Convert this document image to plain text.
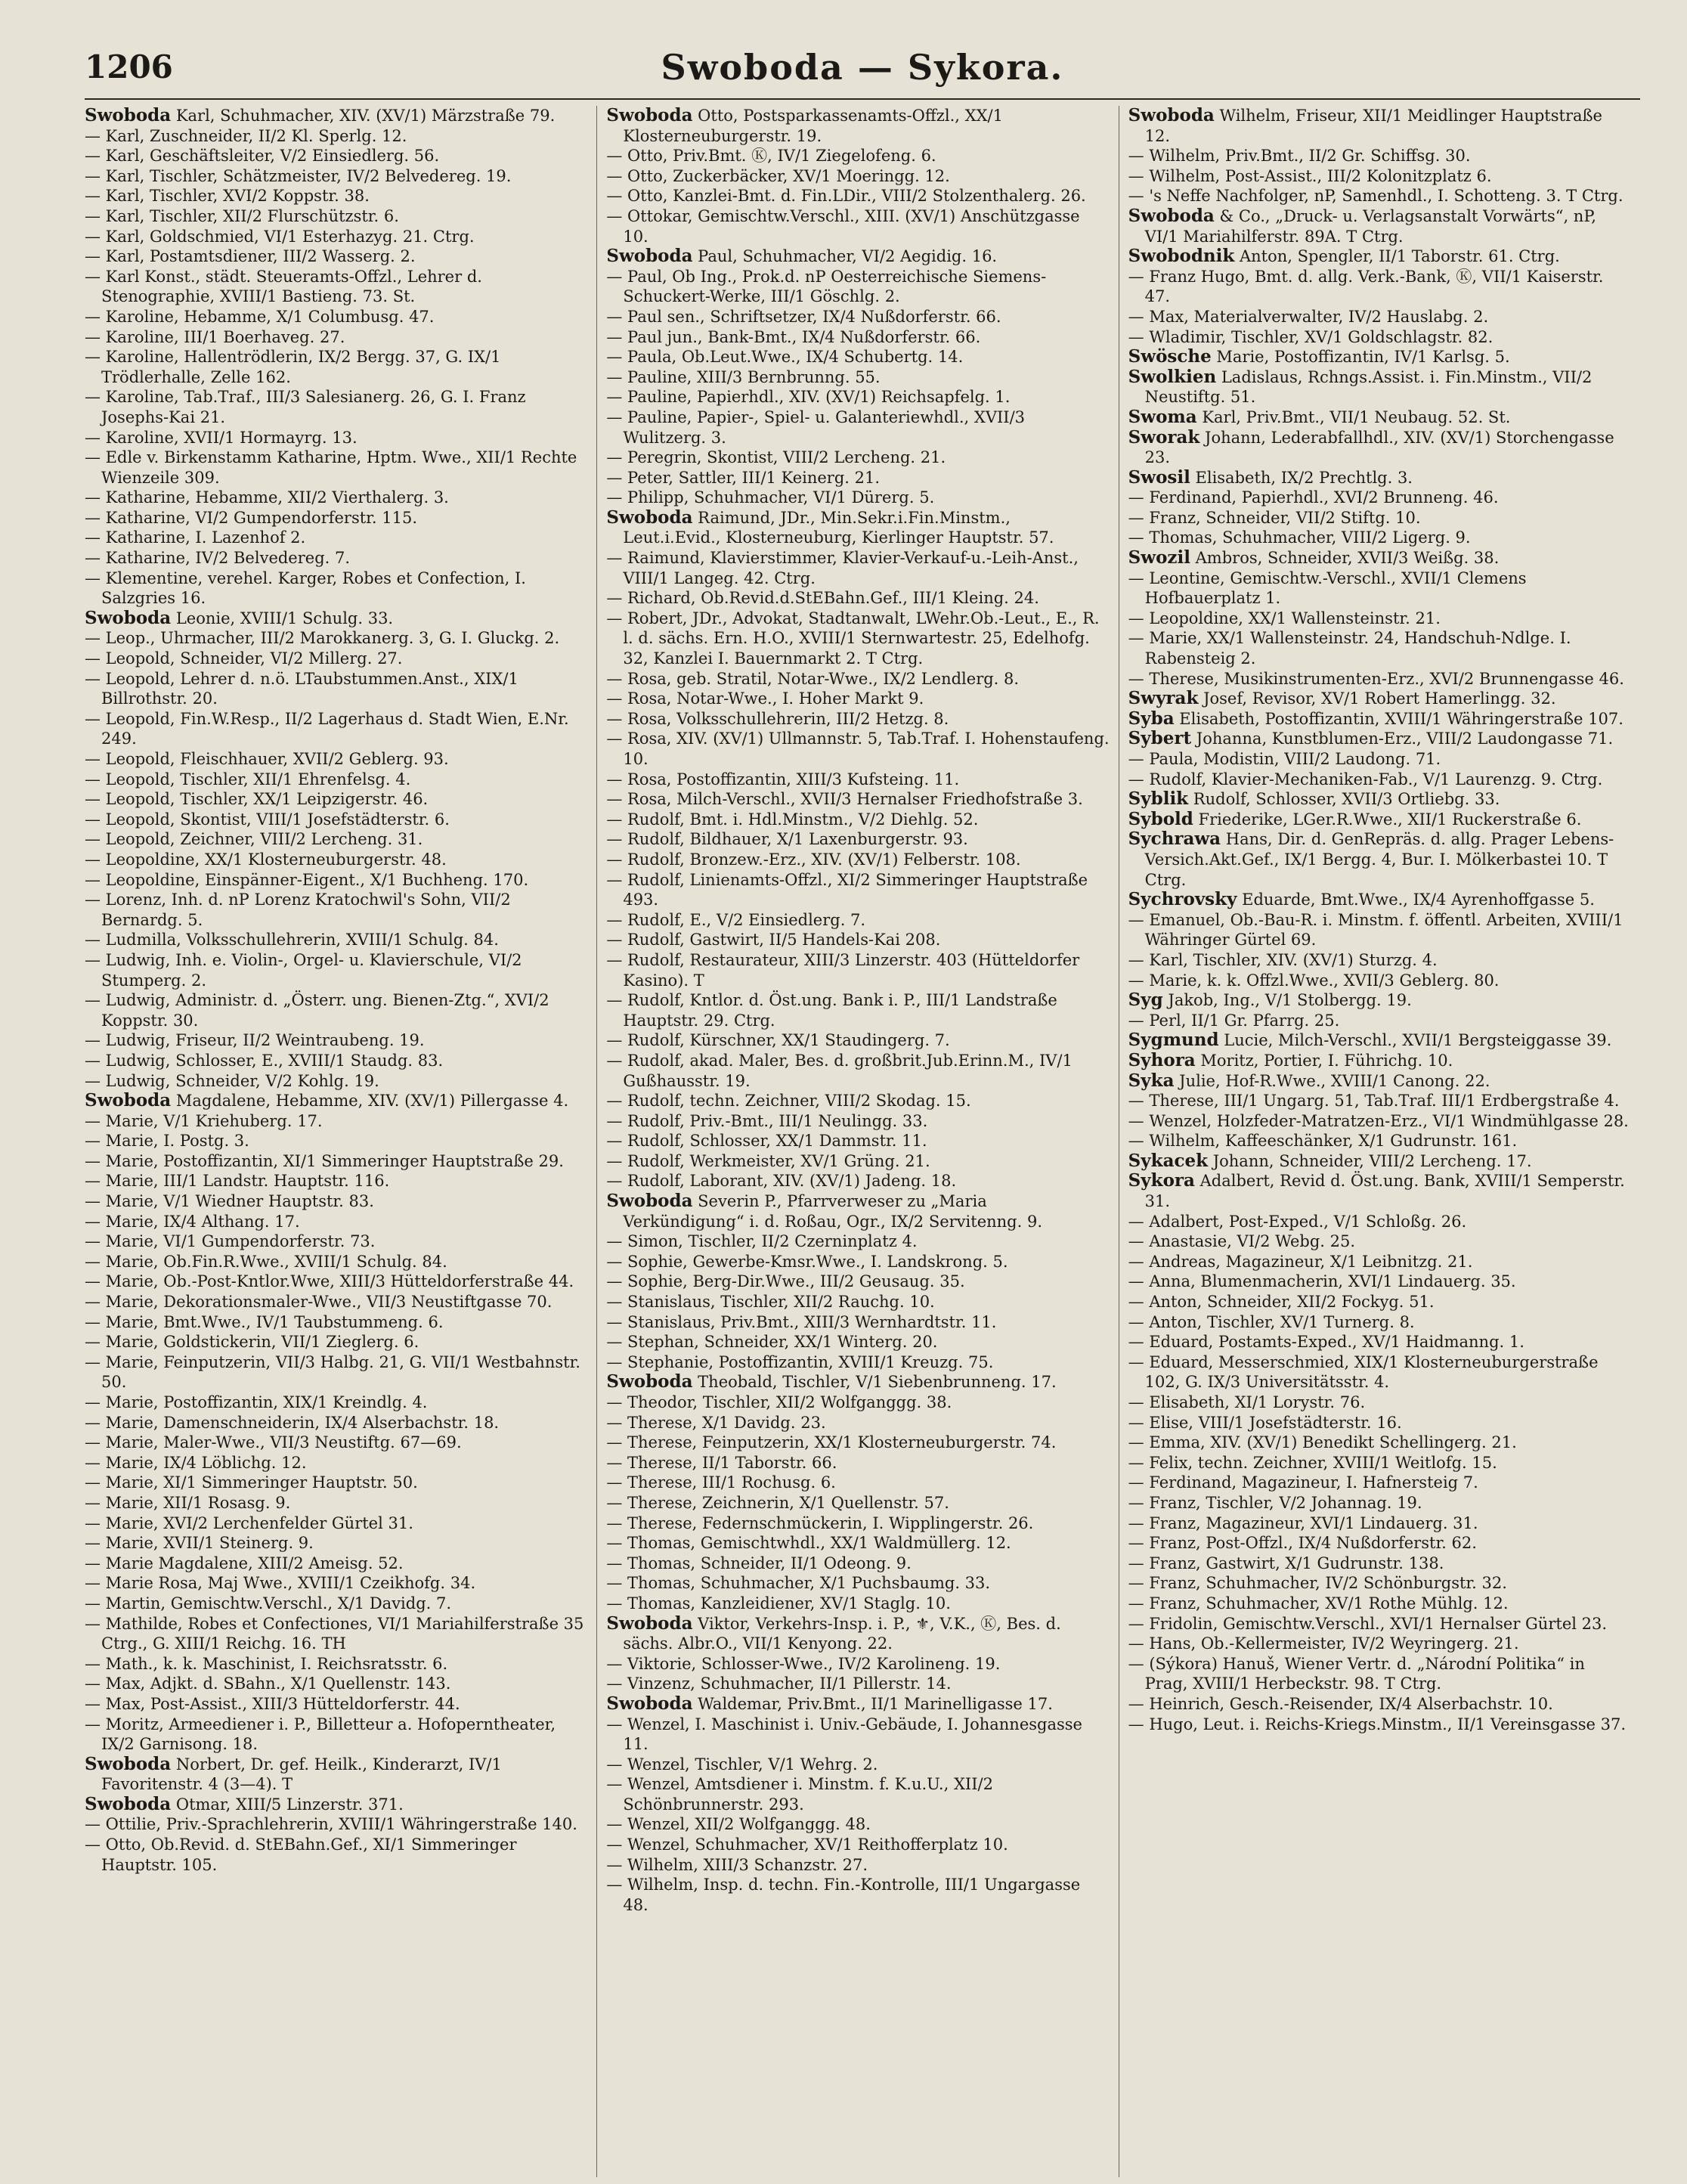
1206	Swoboda — Sykora.

Swoboda Karl, Schuhmacher, XIV. (XV/1) Märzstraße 79.

— Karl, Zuschneider, II/2 Kl. Sperlg. 12.

— Karl, Geschäftsleiter, V/2 Einsiedlerg. 56.

— Karl, Tischler, Schätzmeister, IV/2 Belvedereg. 19.

— Karl, Tischler, XVI/2 Koppstr. 38.

— Karl, Tischler, XII/2 Flurschützstr. 6.

— Karl, Goldschmied, VI/1 Esterhazyg. 21. Ctrg.

— Karl, Postamtsdiener, III/2 Wasserg. 2.

— Karl Konst., städt. Steueramts-Offzl., Lehrer d. Stenographie, XVIII/1 Bastieng. 73. St.

— Karoline, Hebamme, X/1 Columbusg. 47.

— Karoline, III/1 Boerhaveg. 27.

— Karoline, Hallentrödlerin, IX/2 Bergg. 37, G. IX/1 Trödlerhalle, Zelle 162.

— Karoline, Tab.Traf., III/3 Salesianerg. 26, G. I. Franz Josephs-Kai 21.

— Karoline, XVII/1 Hormayrg. 13.

— Edle v. Birkenstamm Katharine, Hptm. Wwe., XII/1 Rechte Wienzeile 309.

— Katharine, Hebamme, XII/2 Vierthalerg. 3.

— Katharine, VI/2 Gumpendorferstr. 115.

— Katharine, I. Lazenhof 2.

— Katharine, IV/2 Belvedereg. 7.

— Klementine, verehel. Karger, Robes et Confection, I. Salzgries 16.

Swoboda Leonie, XVIII/1 Schulg. 33.

— Leop., Uhrmacher, III/2 Marokkanerg. 3, G. I. Gluckg. 2.

— Leopold, Schneider, VI/2 Millerg. 27.

— Leopold, Lehrer d. n.ö. LTaubstummen.Anst., XIX/1 Billrothstr. 20.

— Leopold, Fin.W.Resp., II/2 Lagerhaus d. Stadt Wien, E.Nr. 249.

— Leopold, Fleischhauer, XVII/2 Geblerg. 93.

— Leopold, Tischler, XII/1 Ehrenfelsg. 4.

— Leopold, Tischler, XX/1 Leipzigerstr. 46.

— Leopold, Skontist, VIII/1 Josefstädterstr. 6.

— Leopold, Zeichner, VIII/2 Lercheng. 31.

— Leopoldine, XX/1 Klosterneuburgerstr. 48.

— Leopoldine, Einspänner-Eigent., X/1 Buchheng. 170.

— Lorenz, Inh. d. nP Lorenz Kratochwil's Sohn, VII/2 Bernardg. 5.

— Ludmilla, Volksschullehrerin, XVIII/1 Schulg. 84.

— Ludwig, Inh. e. Violin-, Orgel- u. Klavierschule, VI/2 Stumperg. 2.

— Ludwig, Administr. d. „Österr. ung. Bienen-Ztg.“, XVI/2 Koppstr. 30.

— Ludwig, Friseur, II/2 Weintraubeng. 19.

— Ludwig, Schlosser, E., XVIII/1 Staudg. 83.

— Ludwig, Schneider, V/2 Kohlg. 19.

Swoboda Magdalene, Hebamme, XIV. (XV/1) Pillergasse 4.

— Marie, V/1 Kriehuberg. 17.

— Marie, I. Postg. 3.

— Marie, Postoffizantin, XI/1 Simmeringer Hauptstraße 29.

— Marie, III/1 Landstr. Hauptstr. 116.

— Marie, V/1 Wiedner Hauptstr. 83.

— Marie, IX/4 Althang. 17.

— Marie, VI/1 Gumpendorferstr. 73.

— Marie, Ob.Fin.R.Wwe., XVIII/1 Schulg. 84.

— Marie, Ob.-Post-Kntlor.Wwe, XIII/3 Hütteldorferstraße 44.

— Marie, Dekorationsmaler-Wwe., VII/3 Neustiftgasse 70.

— Marie, Bmt.Wwe., IV/1 Taubstummeng. 6.

— Marie, Goldstickerin, VII/1 Zieglerg. 6.

— Marie, Feinputzerin, VII/3 Halbg. 21, G. VII/1 Westbahnstr. 50.

— Marie, Postoffizantin, XIX/1 Kreindlg. 4.

— Marie, Damenschneiderin, IX/4 Alserbachstr. 18.

— Marie, Maler-Wwe., VII/3 Neustiftg. 67—69.

— Marie, IX/4 Löblichg. 12.

— Marie, XI/1 Simmeringer Hauptstr. 50.

— Marie, XII/1 Rosasg. 9.

— Marie, XVI/2 Lerchenfelder Gürtel 31.

— Marie, XVII/1 Steinerg. 9.

— Marie Magdalene, XIII/2 Ameisg. 52.

— Marie Rosa, Maj Wwe., XVIII/1 Czeikhofg. 34.

— Martin, Gemischtw.Verschl., X/1 Davidg. 7.

— Mathilde, Robes et Confectiones, VI/1 Mariahilferstraße 35 Ctrg., G. XIII/1 Reichg. 16. TH

— Math., k. k. Maschinist, I. Reichsratsstr. 6.

— Max, Adjkt. d. SBahn., X/1 Quellenstr. 143.

— Max, Post-Assist., XIII/3 Hütteldorferstr. 44.

— Moritz, Armeediener i. P., Billetteur a. Hofoperntheater, IX/2 Garnisong. 18.

Swoboda Norbert, Dr. gef. Heilk., Kinderarzt, IV/1 Favoritenstr. 4 (3—4). T

Swoboda Otmar, XIII/5 Linzerstr. 371.

— Ottilie, Priv.-Sprachlehrerin, XVIII/1 Währingerstraße 140.

— Otto, Ob.Revid. d. StEBahn.Gef., XI/1 Simmeringer Hauptstr. 105.

Swoboda Otto, Postsparkassenamts-Offzl., XX/1 Klosterneuburgerstr. 19.

— Otto, Priv.Bmt. Ⓚ, IV/1 Ziegelofeng. 6.

— Otto, Zuckerbäcker, XV/1 Moeringg. 12.

— Otto, Kanzlei-Bmt. d. Fin.LDir., VIII/2 Stolzenthalerg. 26.

— Ottokar, Gemischtw.Verschl., XIII. (XV/1) Anschützgasse 10.

Swoboda Paul, Schuhmacher, VI/2 Aegidig. 16.

— Paul, Ob Ing., Prok.d. nP Oesterreichische Siemens-Schuckert-Werke, III/1 Göschlg. 2.

— Paul sen., Schriftsetzer, IX/4 Nußdorferstr. 66.

— Paul jun., Bank-Bmt., IX/4 Nußdorferstr. 66.

— Paula, Ob.Leut.Wwe., IX/4 Schubertg. 14.

— Pauline, XIII/3 Bernbrunng. 55.

— Pauline, Papierhdl., XIV. (XV/1) Reichsapfelg. 1.

— Pauline, Papier-, Spiel- u. Galanteriewhdl., XVII/3 Wulitzerg. 3.

— Peregrin, Skontist, VIII/2 Lercheng. 21.

— Peter, Sattler, III/1 Keinerg. 21.

— Philipp, Schuhmacher, VI/1 Dürerg. 5.

Swoboda Raimund, JDr., Min.Sekr.i.Fin.Minstm., Leut.i.Evid., Klosterneuburg, Kierlinger Hauptstr. 57.

— Raimund, Klavierstimmer, Klavier-Verkauf-u.-Leih-Anst., VIII/1 Langeg. 42. Ctrg.

— Richard, Ob.Revid.d.StEBahn.Gef., III/1 Kleing. 24.

— Robert, JDr., Advokat, Stadtanwalt, LWehr.Ob.-Leut., E., R. l. d. sächs. Ern. H.O., XVIII/1 Sternwartestr. 25, Edelhofg. 32, Kanzlei I. Bauernmarkt 2. T Ctrg.

— Rosa, geb. Stratil, Notar-Wwe., IX/2 Lendlerg. 8.

— Rosa, Notar-Wwe., I. Hoher Markt 9.

— Rosa, Volksschullehrerin, III/2 Hetzg. 8.

— Rosa, XIV. (XV/1) Ullmannstr. 5, Tab.Traf. I. Hohenstaufeng. 10.

— Rosa, Postoffizantin, XIII/3 Kufsteing. 11.

— Rosa, Milch-Verschl., XVII/3 Hernalser Friedhofstraße 3.

— Rudolf, Bmt. i. Hdl.Minstm., V/2 Diehlg. 52.

— Rudolf, Bildhauer, X/1 Laxenburgerstr. 93.

— Rudolf, Bronzew.-Erz., XIV. (XV/1) Felberstr. 108.

— Rudolf, Linienamts-Offzl., XI/2 Simmeringer Hauptstraße 493.

— Rudolf, E., V/2 Einsiedlerg. 7.

— Rudolf, Gastwirt, II/5 Handels-Kai 208.

— Rudolf, Restaurateur, XIII/3 Linzerstr. 403 (Hütteldorfer Kasino). T

— Rudolf, Kntlor. d. Öst.ung. Bank i. P., III/1 Landstraße Hauptstr. 29. Ctrg.

— Rudolf, Kürschner, XX/1 Staudingerg. 7.

— Rudolf, akad. Maler, Bes. d. großbrit.Jub.Erinn.M., IV/1 Gußhausstr. 19.

— Rudolf, techn. Zeichner, VIII/2 Skodag. 15.

— Rudolf, Priv.-Bmt., III/1 Neulingg. 33.

— Rudolf, Schlosser, XX/1 Dammstr. 11.

— Rudolf, Werkmeister, XV/1 Grüng. 21.

— Rudolf, Laborant, XIV. (XV/1) Jadeng. 18.

Swoboda Severin P., Pfarrverweser zu „Maria Verkündigung“ i. d. Roßau, Ogr., IX/2 Servitenng. 9.

— Simon, Tischler, II/2 Czerninplatz 4.

— Sophie, Gewerbe-Kmsr.Wwe., I. Landskrong. 5.

— Sophie, Berg-Dir.Wwe., III/2 Geusaug. 35.

— Stanislaus, Tischler, XII/2 Rauchg. 10.

— Stanislaus, Priv.Bmt., XIII/3 Wernhardtstr. 11.

— Stephan, Schneider, XX/1 Winterg. 20.

— Stephanie, Postoffizantin, XVIII/1 Kreuzg. 75.

Swoboda Theobald, Tischler, V/1 Siebenbrunneng. 17.

— Theodor, Tischler, XII/2 Wolfganggg. 38.

— Therese, X/1 Davidg. 23.

— Therese, Feinputzerin, XX/1 Klosterneuburgerstr. 74.

— Therese, II/1 Taborstr. 66.

— Therese, III/1 Rochusg. 6.

— Therese, Zeichnerin, X/1 Quellenstr. 57.

— Therese, Federnschmückerin, I. Wipplingerstr. 26.

— Thomas, Gemischtwhdl., XX/1 Waldmüllerg. 12.

— Thomas, Schneider, II/1 Odeong. 9.

— Thomas, Schuhmacher, X/1 Puchsbaumg. 33.

— Thomas, Kanzleidiener, XV/1 Staglg. 10.

Swoboda Viktor, Verkehrs-Insp. i. P., ⚜, V.K., Ⓚ, Bes. d. sächs. Albr.O., VII/1 Kenyong. 22.

— Viktorie, Schlosser-Wwe., IV/2 Karolineng. 19.

— Vinzenz, Schuhmacher, II/1 Pillerstr. 14.

Swoboda Waldemar, Priv.Bmt., II/1 Marinelligasse 17.

— Wenzel, I. Maschinist i. Univ.-Gebäude, I. Johannesgasse 11.

— Wenzel, Tischler, V/1 Wehrg. 2.

— Wenzel, Amtsdiener i. Minstm. f. K.u.U., XII/2 Schönbrunnerstr. 293.

— Wenzel, XII/2 Wolfganggg. 48.

— Wenzel, Schuhmacher, XV/1 Reithofferplatz 10.

— Wilhelm, XIII/3 Schanzstr. 27.

— Wilhelm, Insp. d. techn. Fin.-Kontrolle, III/1 Ungargasse 48.

Swoboda Wilhelm, Friseur, XII/1 Meidlinger Hauptstraße 12.

— Wilhelm, Priv.Bmt., II/2 Gr. Schiffsg. 30.

— Wilhelm, Post-Assist., III/2 Kolonitzplatz 6.

— 's Neffe Nachfolger, nP, Samenhdl., I. Schotteng. 3. T Ctrg.

Swoboda & Co., „Druck- u. Verlagsanstalt Vorwärts“, nP, VI/1 Mariahilferstr. 89A. T Ctrg.

Swobodnik Anton, Spengler, II/1 Taborstr. 61. Ctrg.

— Franz Hugo, Bmt. d. allg. Verk.-Bank, Ⓚ, VII/1 Kaiserstr. 47.

— Max, Materialverwalter, IV/2 Hauslabg. 2.

— Wladimir, Tischler, XV/1 Goldschlagstr. 82.

Swösche Marie, Postoffizantin, IV/1 Karlsg. 5.

Swolkien Ladislaus, Rchngs.Assist. i. Fin.Minstm., VII/2 Neustiftg. 51.

Swoma Karl, Priv.Bmt., VII/1 Neubaug. 52. St.

Sworak Johann, Lederabfallhdl., XIV. (XV/1) Storchengasse 23.

Swosil Elisabeth, IX/2 Prechtlg. 3.

— Ferdinand, Papierhdl., XVI/2 Brunneng. 46.

— Franz, Schneider, VII/2 Stiftg. 10.

— Thomas, Schuhmacher, VIII/2 Ligerg. 9.

Swozil Ambros, Schneider, XVII/3 Weißg. 38.

— Leontine, Gemischtw.-Verschl., XVII/1 Clemens Hofbauerplatz 1.

— Leopoldine, XX/1 Wallensteinstr. 21.

— Marie, XX/1 Wallensteinstr. 24, Handschuh-Ndlge. I. Rabensteig 2.

— Therese, Musikinstrumenten-Erz., XVI/2 Brunnengasse 46.

Swyrak Josef, Revisor, XV/1 Robert Hamerlingg. 32.

Syba Elisabeth, Postoffizantin, XVIII/1 Währingerstraße 107.

Sybert Johanna, Kunstblumen-Erz., VIII/2 Laudongasse 71.

— Paula, Modistin, VIII/2 Laudong. 71.

— Rudolf, Klavier-Mechaniken-Fab., V/1 Laurenzg. 9. Ctrg.

Syblik Rudolf, Schlosser, XVII/3 Ortliebg. 33.

Sybold Friederike, LGer.R.Wwe., XII/1 Ruckerstraße 6.

Sychrawa Hans, Dir. d. GenRepräs. d. allg. Prager Lebens-Versich.Akt.Gef., IX/1 Bergg. 4, Bur. I. Mölkerbastei 10. T Ctrg.

Sychrovsky Eduarde, Bmt.Wwe., IX/4 Ayrenhoffgasse 5.

— Emanuel, Ob.-Bau-R. i. Minstm. f. öffentl. Arbeiten, XVIII/1 Währinger Gürtel 69.

— Karl, Tischler, XIV. (XV/1) Sturzg. 4.

— Marie, k. k. Offzl.Wwe., XVII/3 Geblerg. 80.

Syg Jakob, Ing., V/1 Stolbergg. 19.

— Perl, II/1 Gr. Pfarrg. 25.

Sygmund Lucie, Milch-Verschl., XVII/1 Bergsteiggasse 39.

Syhora Moritz, Portier, I. Führichg. 10.

Syka Julie, Hof-R.Wwe., XVIII/1 Canong. 22.

— Therese, III/1 Ungarg. 51, Tab.Traf. III/1 Erdbergstraße 4.

— Wenzel, Holzfeder-Matratzen-Erz., VI/1 Windmühlgasse 28.

— Wilhelm, Kaffeeschänker, X/1 Gudrunstr. 161.

Sykacek Johann, Schneider, VIII/2 Lercheng. 17.

Sykora Adalbert, Revid d. Öst.ung. Bank, XVIII/1 Semperstr. 31.

— Adalbert, Post-Exped., V/1 Schloßg. 26.

— Anastasie, VI/2 Webg. 25.

— Andreas, Magazineur, X/1 Leibnitzg. 21.

— Anna, Blumenmacherin, XVI/1 Lindauerg. 35.

— Anton, Schneider, XII/2 Fockyg. 51.

— Anton, Tischler, XV/1 Turnerg. 8.

— Eduard, Postamts-Exped., XV/1 Haidmanng. 1.

— Eduard, Messerschmied, XIX/1 Klosterneuburgerstraße 102, G. IX/3 Universitätsstr. 4.

— Elisabeth, XI/1 Lorystr. 76.

— Elise, VIII/1 Josefstädterstr. 16.

— Emma, XIV. (XV/1) Benedikt Schellingerg. 21.

— Felix, techn. Zeichner, XVIII/1 Weitlofg. 15.

— Ferdinand, Magazineur, I. Hafnersteig 7.

— Franz, Tischler, V/2 Johannag. 19.

— Franz, Magazineur, XVI/1 Lindauerg. 31.

— Franz, Post-Offzl., IX/4 Nußdorferstr. 62.

— Franz, Gastwirt, X/1 Gudrunstr. 138.

— Franz, Schuhmacher, IV/2 Schönburgstr. 32.

— Franz, Schuhmacher, XV/1 Rothe Mühlg. 12.

— Fridolin, Gemischtw.Verschl., XVI/1 Hernalser Gürtel 23.

— Hans, Ob.-Kellermeister, IV/2 Weyringerg. 21.

— (Sýkora) Hanuš, Wiener Vertr. d. „Národní Politika“ in Prag, XVIII/1 Herbeckstr. 98. T Ctrg.

— Heinrich, Gesch.-Reisender, IX/4 Alserbachstr. 10.

— Hugo, Leut. i. Reichs-Kriegs.Minstm., II/1 Vereinsgasse 37.
